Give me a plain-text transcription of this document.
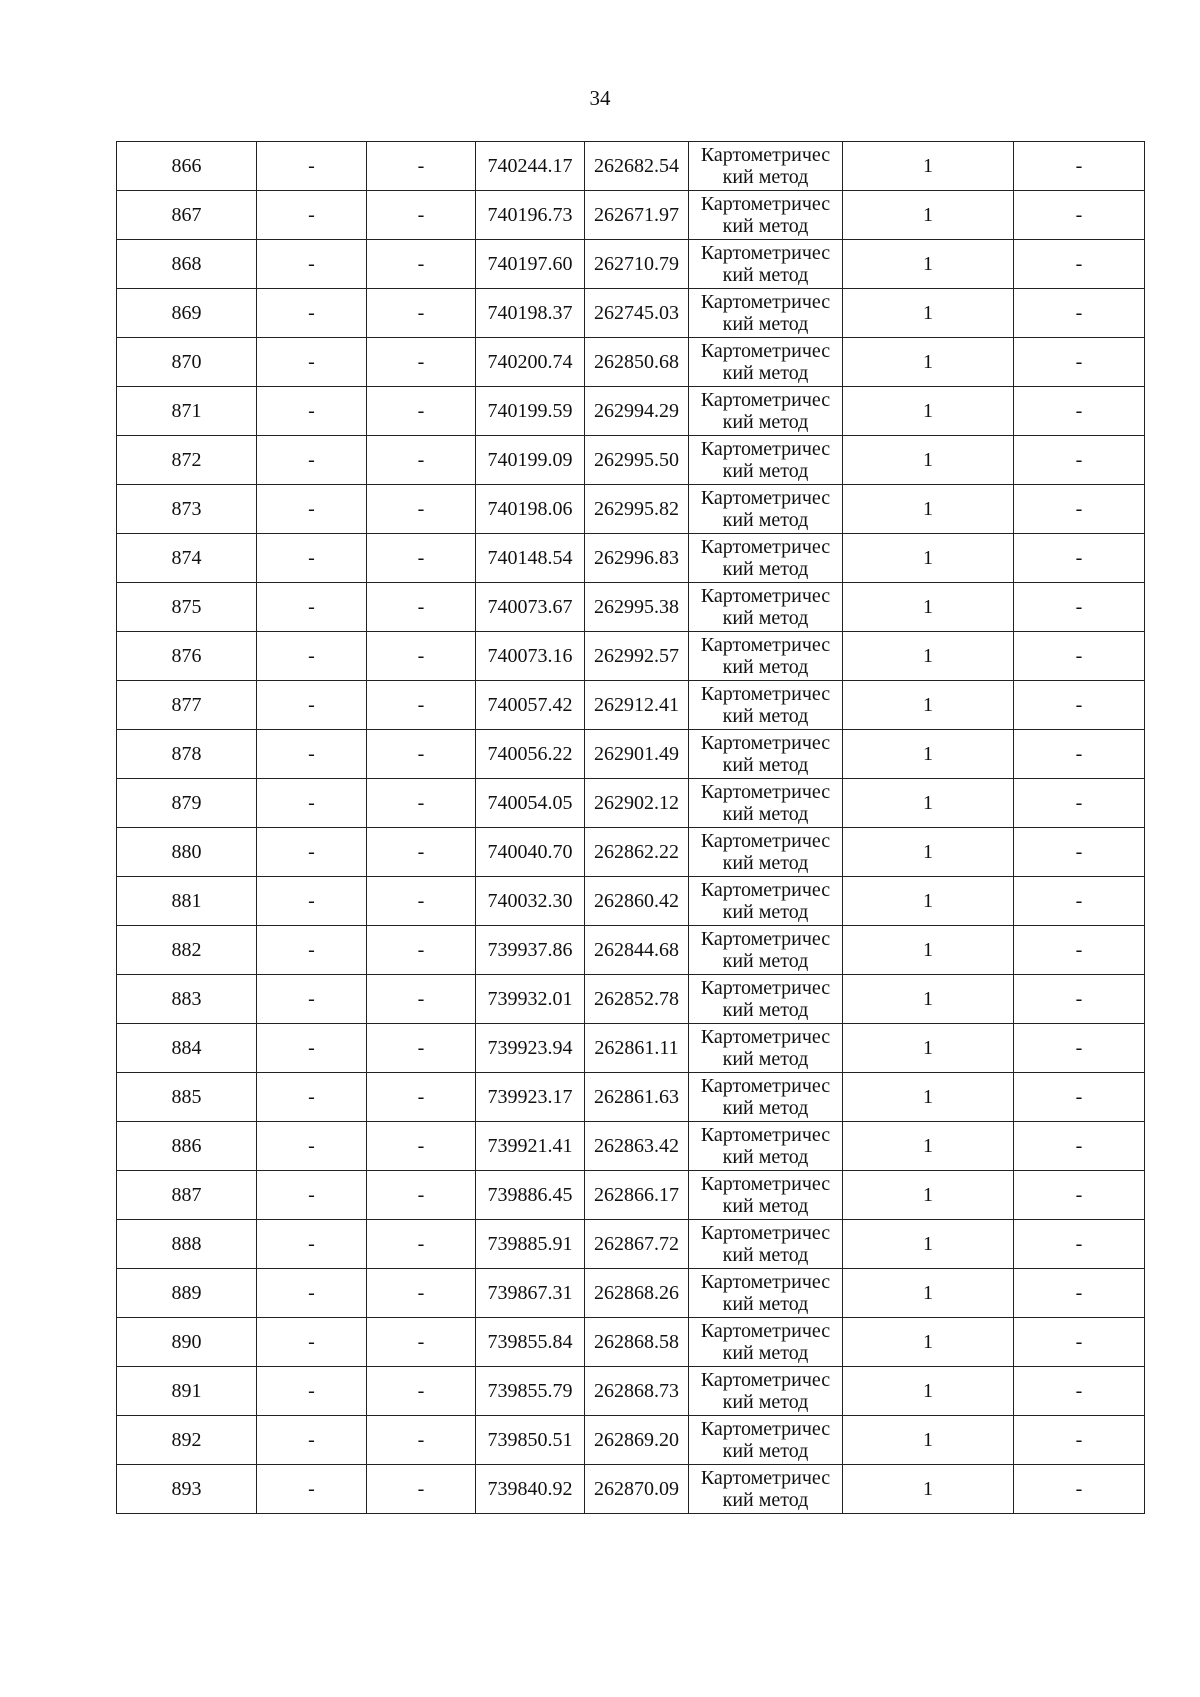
34
866	-	-	740244.17	262682.54	Картометричес
кий метод	1	-
867	-	-	740196.73	262671.97	Картометричес
кий метод	1	-
868	-	-	740197.60	262710.79	Картометричес
кий метод	1	-
869	-	-	740198.37	262745.03	Картометричес
кий метод	1	-
870	-	-	740200.74	262850.68	Картометричес
кий метод	1	-
871	-	-	740199.59	262994.29	Картометричес
кий метод	1	-
872	-	-	740199.09	262995.50	Картометричес
кий метод	1	-
873	-	-	740198.06	262995.82	Картометричес
кий метод	1	-
874	-	-	740148.54	262996.83	Картометричес
кий метод	1	-
875	-	-	740073.67	262995.38	Картометричес
кий метод	1	-
876	-	-	740073.16	262992.57	Картометричес
кий метод	1	-
877	-	-	740057.42	262912.41	Картометричес
кий метод	1	-
878	-	-	740056.22	262901.49	Картометричес
кий метод	1	-
879	-	-	740054.05	262902.12	Картометричес
кий метод	1	-
880	-	-	740040.70	262862.22	Картометричес
кий метод	1	-
881	-	-	740032.30	262860.42	Картометричес
кий метод	1	-
882	-	-	739937.86	262844.68	Картометричес
кий метод	1	-
883	-	-	739932.01	262852.78	Картометричес
кий метод	1	-
884	-	-	739923.94	262861.11	Картометричес
кий метод	1	-
885	-	-	739923.17	262861.63	Картометричес
кий метод	1	-
886	-	-	739921.41	262863.42	Картометричес
кий метод	1	-
887	-	-	739886.45	262866.17	Картометричес
кий метод	1	-
888	-	-	739885.91	262867.72	Картометричес
кий метод	1	-
889	-	-	739867.31	262868.26	Картометричес
кий метод	1	-
890	-	-	739855.84	262868.58	Картометричес
кий метод	1	-
891	-	-	739855.79	262868.73	Картометричес
кий метод	1	-
892	-	-	739850.51	262869.20	Картометричес
кий метод	1	-
893	-	-	739840.92	262870.09	Картометричес
кий метод	1	-
